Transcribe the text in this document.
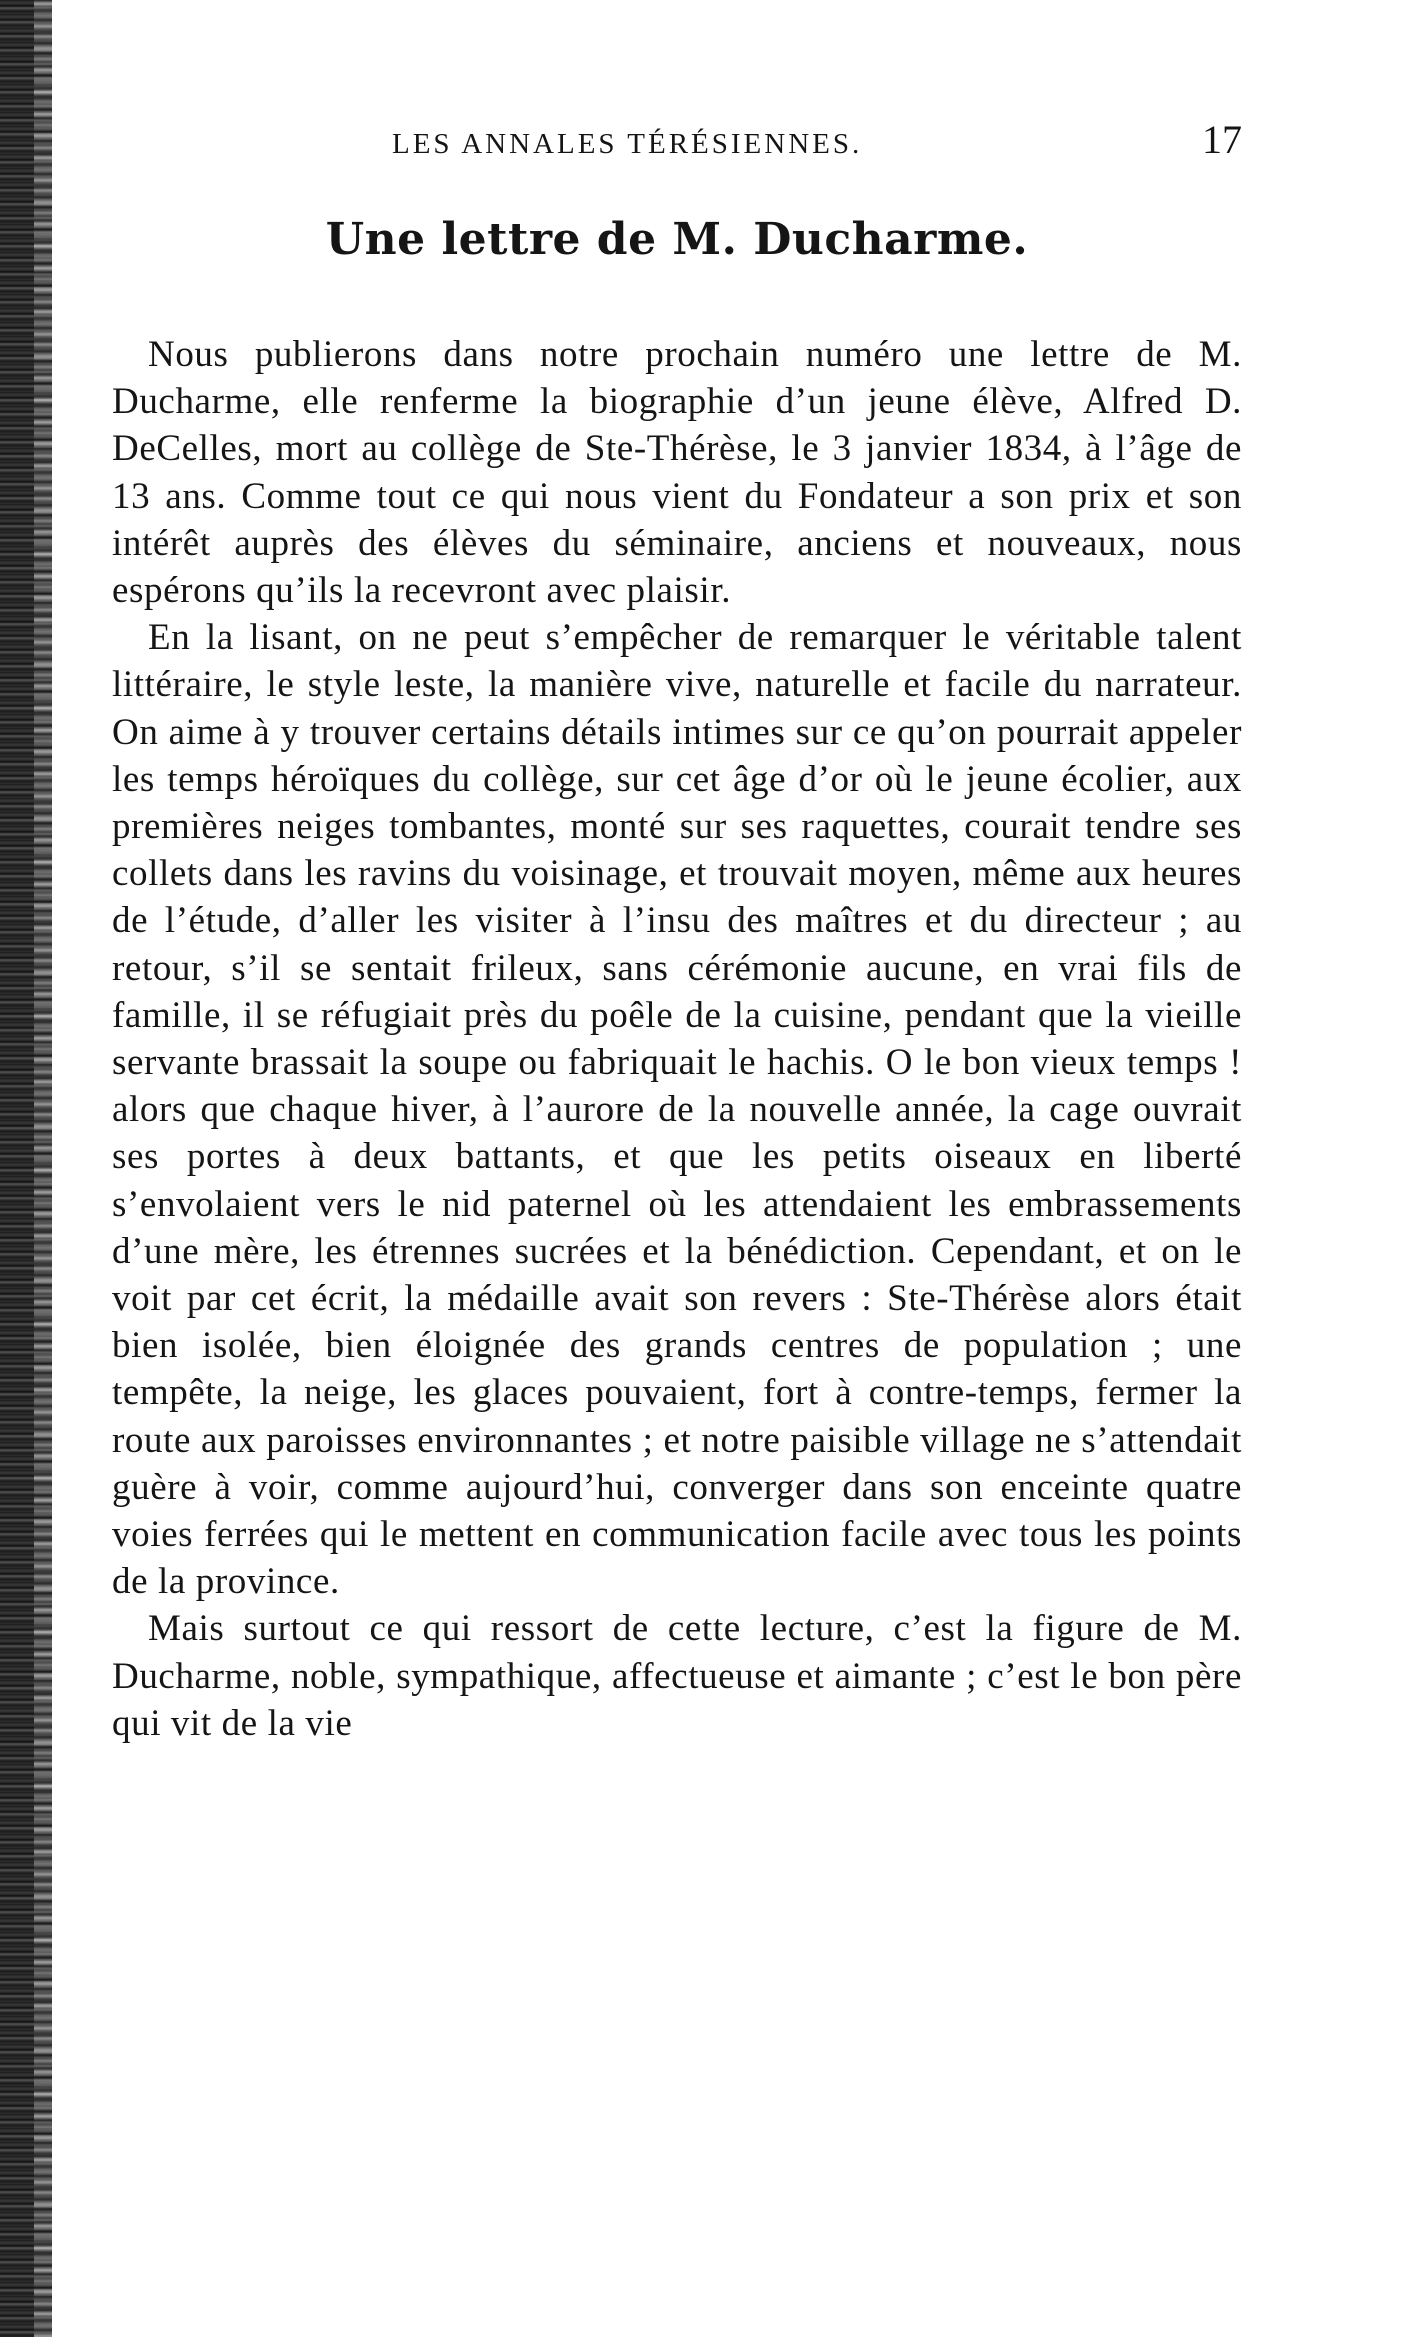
LES ANNALES TÉRÉSIENNES.	17
Une lettre de M. Ducharme.

Nous publierons dans notre prochain numéro une lettre de M. Ducharme, elle renferme la biographie d’un jeune élève, Alfred D. DeCelles, mort au collège de Ste-Thérèse, le 3 janvier 1834, à l’âge de 13 ans. Comme tout ce qui nous vient du Fondateur a son prix et son intérêt auprès des élèves du séminaire, anciens et nouveaux, nous espérons qu’ils la recevront avec plaisir.

En la lisant, on ne peut s’empêcher de remarquer le véritable talent littéraire, le style leste, la manière vive, naturelle et facile du narrateur. On aime à y trouver certains détails intimes sur ce qu’on pourrait appeler les temps héroïques du collège, sur cet âge d’or où le jeune écolier, aux premières neiges tombantes, monté sur ses raquettes, courait tendre ses collets dans les ravins du voisinage, et trouvait moyen, même aux heures de l’étude, d’aller les visiter à l’insu des maîtres et du directeur ; au retour, s’il se sentait frileux, sans cérémonie aucune, en vrai fils de famille, il se réfugiait près du poêle de la cuisine, pendant que la vieille servante brassait la soupe ou fabriquait le hachis. O le bon vieux temps ! alors que chaque hiver, à l’aurore de la nouvelle année, la cage ouvrait ses portes à deux battants, et que les petits oiseaux en liberté s’envolaient vers le nid paternel où les attendaient les embrassements d’une mère, les étrennes sucrées et la bénédiction. Cependant, et on le voit par cet écrit, la médaille avait son revers : Ste-Thérèse alors était bien isolée, bien éloignée des grands centres de population ; une tempête, la neige, les glaces pouvaient, fort à contre-temps, fermer la route aux paroisses environnantes ; et notre paisible village ne s’attendait guère à voir, comme aujourd’hui, converger dans son enceinte quatre voies ferrées qui le mettent en communication facile avec tous les points de la province.

Mais surtout ce qui ressort de cette lecture, c’est la figure de M. Ducharme, noble, sympathique, affectueuse et aimante ; c’est le bon père qui vit de la vie
